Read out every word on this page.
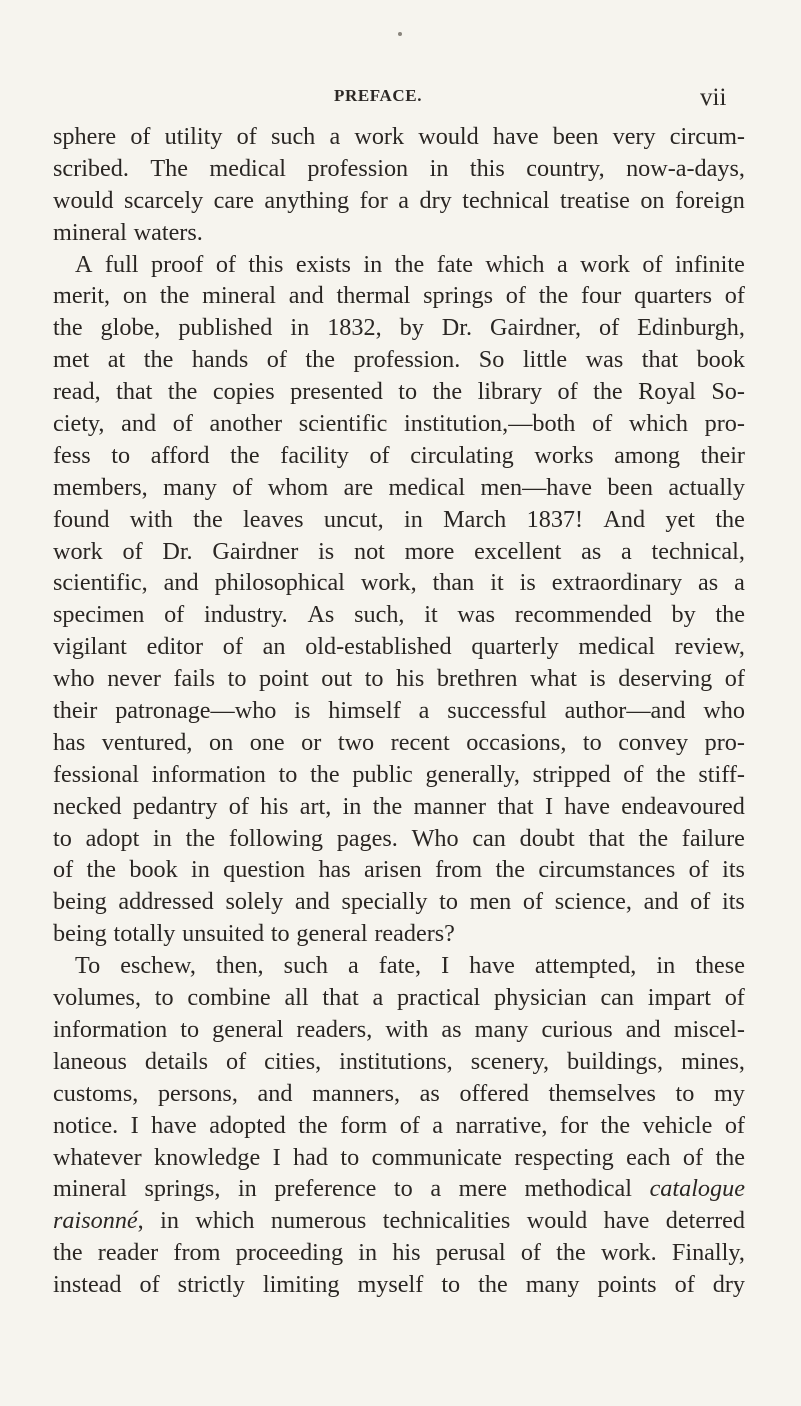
PREFACE.	vii
sphere of utility of such a work would have been very circum-
scribed. The medical profession in this country, now-a-days,
would scarcely care anything for a dry technical treatise on foreign
mineral waters.
A full proof of this exists in the fate which a work of infinite
merit, on the mineral and thermal springs of the four quarters of
the globe, published in 1832, by Dr. Gairdner, of Edinburgh,
met at the hands of the profession. So little was that book
read, that the copies presented to the library of the Royal So-
ciety, and of another scientific institution,—both of which pro-
fess to afford the facility of circulating works among their
members, many of whom are medical men—have been actually
found with the leaves uncut, in March 1837! And yet the
work of Dr. Gairdner is not more excellent as a technical,
scientific, and philosophical work, than it is extraordinary as a
specimen of industry. As such, it was recommended by the
vigilant editor of an old-established quarterly medical review,
who never fails to point out to his brethren what is deserving of
their patronage—who is himself a successful author—and who
has ventured, on one or two recent occasions, to convey pro-
fessional information to the public generally, stripped of the stiff-
necked pedantry of his art, in the manner that I have endeavoured
to adopt in the following pages. Who can doubt that the failure
of the book in question has arisen from the circumstances of its
being addressed solely and specially to men of science, and of its
being totally unsuited to general readers?
To eschew, then, such a fate, I have attempted, in these
volumes, to combine all that a practical physician can impart of
information to general readers, with as many curious and miscel-
laneous details of cities, institutions, scenery, buildings, mines,
customs, persons, and manners, as offered themselves to my
notice. I have adopted the form of a narrative, for the vehicle of
whatever knowledge I had to communicate respecting each of the
mineral springs, in preference to a mere methodical catalogue
raisonné, in which numerous technicalities would have deterred
the reader from proceeding in his perusal of the work. Finally,
instead of strictly limiting myself to the many points of dry
